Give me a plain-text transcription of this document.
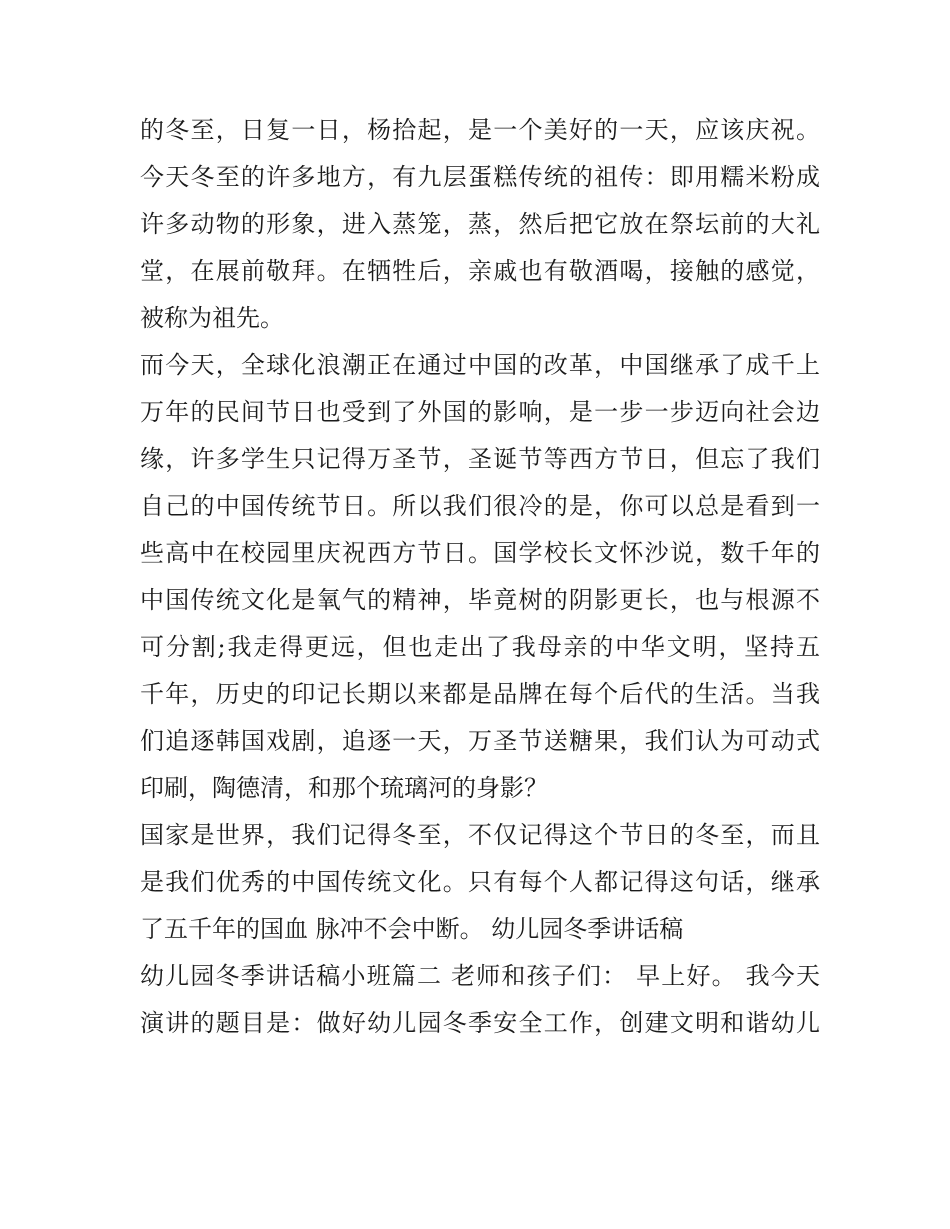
的冬至，日复一日，杨拾起，是一个美好的一天，应该庆祝。
今天冬至的许多地方，有九层蛋糕传统的祖传：即用糯米粉成
许多动物的形象，进入蒸笼，蒸，然后把它放在祭坛前的大礼
堂，在展前敬拜。在牺牲后，亲戚也有敬酒喝，接触的感觉，
被称为祖先。
而今天，全球化浪潮正在通过中国的改革，中国继承了成千上
万年的民间节日也受到了外国的影响，是一步一步迈向社会边
缘，许多学生只记得万圣节，圣诞节等西方节日，但忘了我们
自己的中国传统节日。所以我们很冷的是，你可以总是看到一
些高中在校园里庆祝西方节日。国学校长文怀沙说，数千年的
中国传统文化是氧气的精神，毕竟树的阴影更长，也与根源不
可分割;我走得更远，但也走出了我母亲的中华文明，坚持五
千年，历史的印记长期以来都是品牌在每个后代的生活。当我
们追逐韩国戏剧，追逐一天，万圣节送糖果，我们认为可动式
印刷，陶德清，和那个琉璃河的身影？
国家是世界，我们记得冬至，不仅记得这个节日的冬至，而且
是我们优秀的中国传统文化。只有每个人都记得这句话，继承
了五千年的国血 脉冲不会中断。 幼儿园冬季讲话稿
幼儿园冬季讲话稿小班篇二 老师和孩子们： 早上好。 我今天
演讲的题目是：做好幼儿园冬季安全工作，创建文明和谐幼儿
